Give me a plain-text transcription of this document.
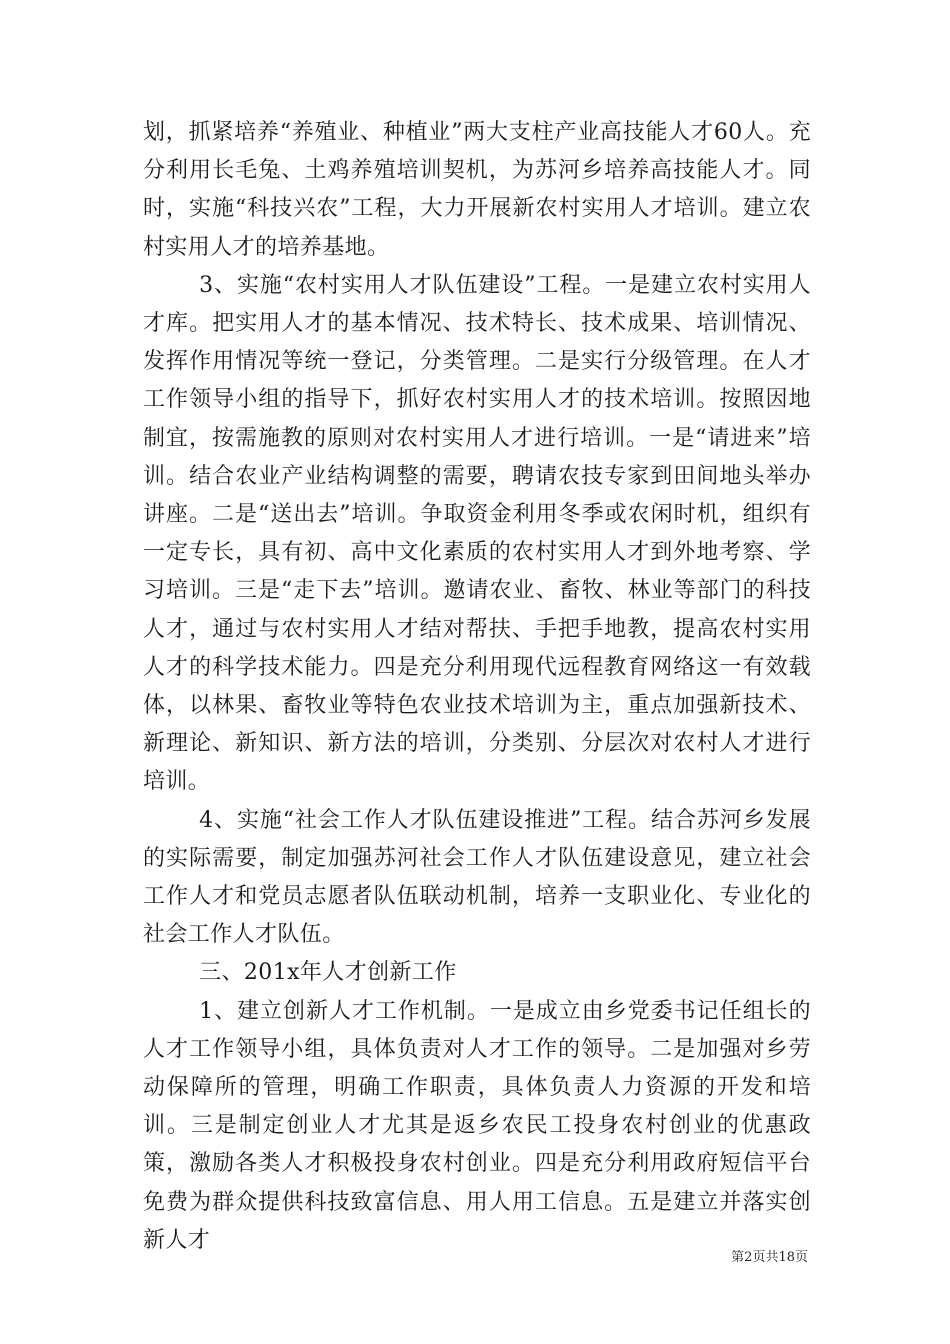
划，抓紧培养“养殖业、种植业”两大支柱产业高技能人才60人。充分利用长毛兔、土鸡养殖培训契机，为苏河乡培养高技能人才。同时，实施“科技兴农”工程，大力开展新农村实用人才培训。建立农村实用人才的培养基地。

3、实施“农村实用人才队伍建设”工程。一是建立农村实用人才库。把实用人才的基本情况、技术特长、技术成果、培训情况、发挥作用情况等统一登记，分类管理。二是实行分级管理。在人才工作领导小组的指导下，抓好农村实用人才的技术培训。按照因地制宜，按需施教的原则对农村实用人才进行培训。一是“请进来”培训。结合农业产业结构调整的需要，聘请农技专家到田间地头举办讲座。二是“送出去”培训。争取资金利用冬季或农闲时机，组织有一定专长，具有初、高中文化素质的农村实用人才到外地考察、学习培训。三是“走下去”培训。邀请农业、畜牧、林业等部门的科技人才，通过与农村实用人才结对帮扶、手把手地教，提高农村实用人才的科学技术能力。四是充分利用现代远程教育网络这一有效载体，以林果、畜牧业等特色农业技术培训为主，重点加强新技术、新理论、新知识、新方法的培训，分类别、分层次对农村人才进行培训。

4、实施“社会工作人才队伍建设推进”工程。结合苏河乡发展的实际需要，制定加强苏河社会工作人才队伍建设意见，建立社会工作人才和党员志愿者队伍联动机制，培养一支职业化、专业化的社会工作人才队伍。

三、201x年人才创新工作

1、建立创新人才工作机制。一是成立由乡党委书记任组长的人才工作领导小组，具体负责对人才工作的领导。二是加强对乡劳动保障所的管理，明确工作职责，具体负责人力资源的开发和培训。三是制定创业人才尤其是返乡农民工投身农村创业的优惠政策，激励各类人才积极投身农村创业。四是充分利用政府短信平台免费为群众提供科技致富信息、用人用工信息。五是建立并落实创新人才

第2页共18页
